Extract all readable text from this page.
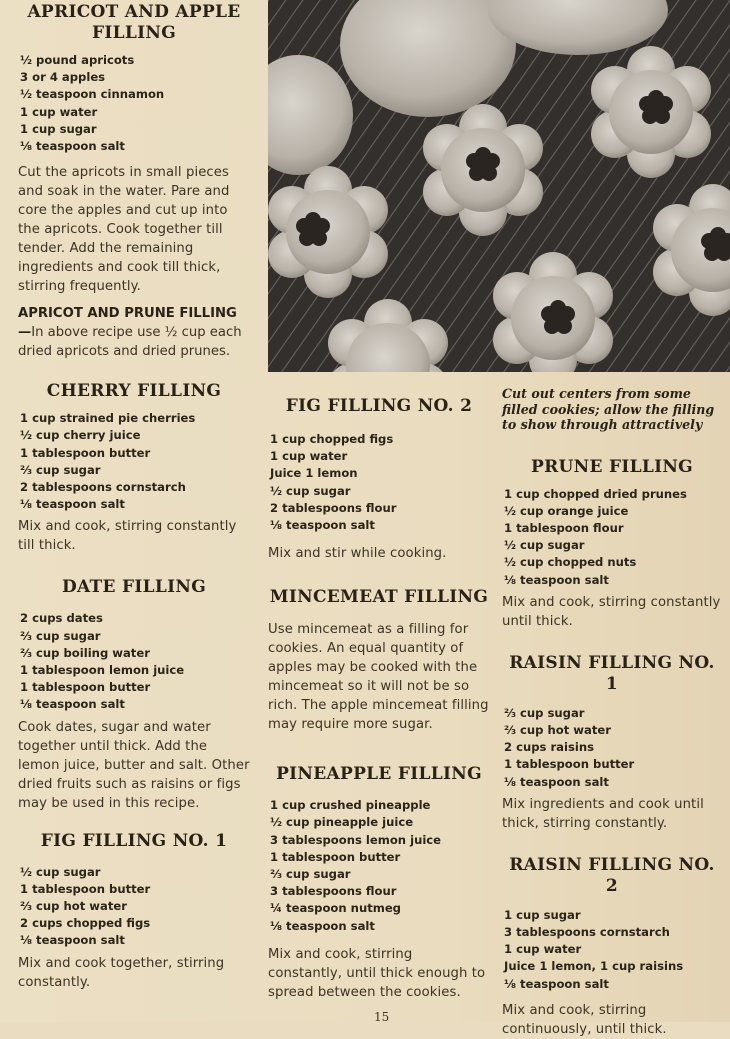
APRICOT AND APPLE
FILLING
½ pound apricots
3 or 4 apples
½ teaspoon cinnamon
1 cup water
1 cup sugar
⅛ teaspoon salt

Cut the apricots in small pieces and soak in the water. Pare and core the apples and cut up into the apricots. Cook together till tender. Add the remaining ingredients and cook till thick, stirring frequently.

APRICOT AND PRUNE FILLING—In above recipe use ½ cup each dried apricots and dried prunes.

CHERRY FILLING
1 cup strained pie cherries
½ cup cherry juice
1 tablespoon butter
⅔ cup sugar
2 tablespoons cornstarch
⅛ teaspoon salt

Mix and cook, stirring constantly till thick.

DATE FILLING
2 cups dates
⅔ cup sugar
⅔ cup boiling water
1 tablespoon lemon juice
1 tablespoon butter
⅛ teaspoon salt

Cook dates, sugar and water together until thick. Add the lemon juice, butter and salt. Other dried fruits such as raisins or figs may be used in this recipe.

FIG FILLING NO. 1
½ cup sugar
1 tablespoon butter
⅔ cup hot water
2 cups chopped figs
⅛ teaspoon salt

Mix and cook together, stirring constantly.

FIG FILLING NO. 2
1 cup chopped figs
1 cup water
Juice 1 lemon
½ cup sugar
2 tablespoons flour
⅛ teaspoon salt

Mix and stir while cooking.

MINCEMEAT FILLING

Use mincemeat as a filling for cookies. An equal quantity of apples may be cooked with the mincemeat so it will not be so rich. The apple mincemeat filling may require more sugar.

PINEAPPLE FILLING
1 cup crushed pineapple
½ cup pineapple juice
3 tablespoons lemon juice
1 tablespoon butter
⅔ cup sugar
3 tablespoons flour
¼ teaspoon nutmeg
⅛ teaspoon salt

Mix and cook, stirring constantly, until thick enough to spread between the cookies.

Cut out centers from some filled cookies; allow the filling to show through attractively

PRUNE FILLING
1 cup chopped dried prunes
½ cup orange juice
1 tablespoon flour
½ cup sugar
½ cup chopped nuts
⅛ teaspoon salt

Mix and cook, stirring constantly until thick.

RAISIN FILLING NO. 1
⅔ cup sugar
⅔ cup hot water
2 cups raisins
1 tablespoon butter
⅛ teaspoon salt

Mix ingredients and cook until thick, stirring constantly.

RAISIN FILLING NO. 2
1 cup sugar
3 tablespoons cornstarch
1 cup water
Juice 1 lemon, 1 cup raisins
⅛ teaspoon salt

Mix and cook, stirring continuously, until thick.

15
